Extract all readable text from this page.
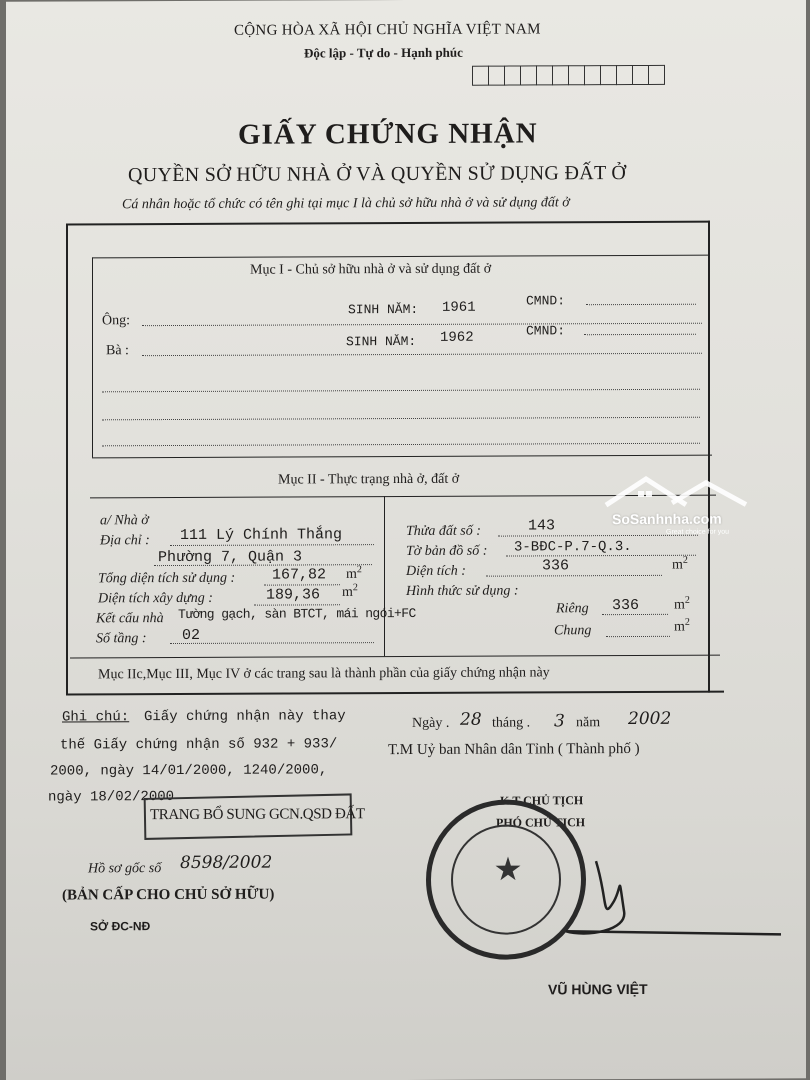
CỘNG HÒA XÃ HỘI CHỦ NGHĨA VIỆT NAM
Độc lập - Tự do - Hạnh phúc
GIẤY CHỨNG NHẬN
QUYỀN SỞ HỮU NHÀ Ở VÀ QUYỀN SỬ DỤNG ĐẤT Ở
Cá nhân hoặc tổ chức có tên ghi tại mục I là chủ sở hữu nhà ở và sử dụng đất ở
Mục I - Chủ sở hữu nhà ở và sử dụng đất ở
Ông:
SINH NĂM: 1961	CMND:
Bà :
SINH NĂM: 1962	CMND:
Mục II - Thực trạng nhà ở, đất ở
a/ Nhà ở
Địa chỉ : 111 Lý Chính Thắng
Phường 7, Quận 3
Tổng diện tích sử dụng : 167,82 $m^2$
Diện tích xây dựng :	189,36 $m^2$
Kết cấu nhà Tường gạch, sàn BTCT, mái ngói+FC
Số tầng : 02
Thửa đất số :	143
Tờ bản đồ số : 3-BĐC-P.7-Q.3.
Diện tích :	336	$m^2$
Hình thức sử dụng :
Riêng 336 $m^2$
Chung	$m^2$
Mục IIc,Mục III, Mục IV ở các trang sau là thành phần của giấy chứng nhận này
Ghi chú: Giấy chứng nhận này thay
thế Giấy chứng nhận số 932 + 933/
2000, ngày 14/01/2000, 1240/2000,
ngày 18/02/2000
TRANG BỔ SUNG GCN.QSD ĐẤT
Ngày . 28 tháng . 3 năm 2002
T.M Uỷ ban Nhân dân Tỉnh ( Thành phố )
K.T CHỦ TỊCH
PHÓ CHỦ TỊCH
VŨ HÙNG VIỆT
Hồ sơ gốc số 8598/2002
(BẢN CẤP CHO CHỦ SỞ HỮU)
SỞ ĐC-NĐ
SoSanhnha.com
Great choice for you
